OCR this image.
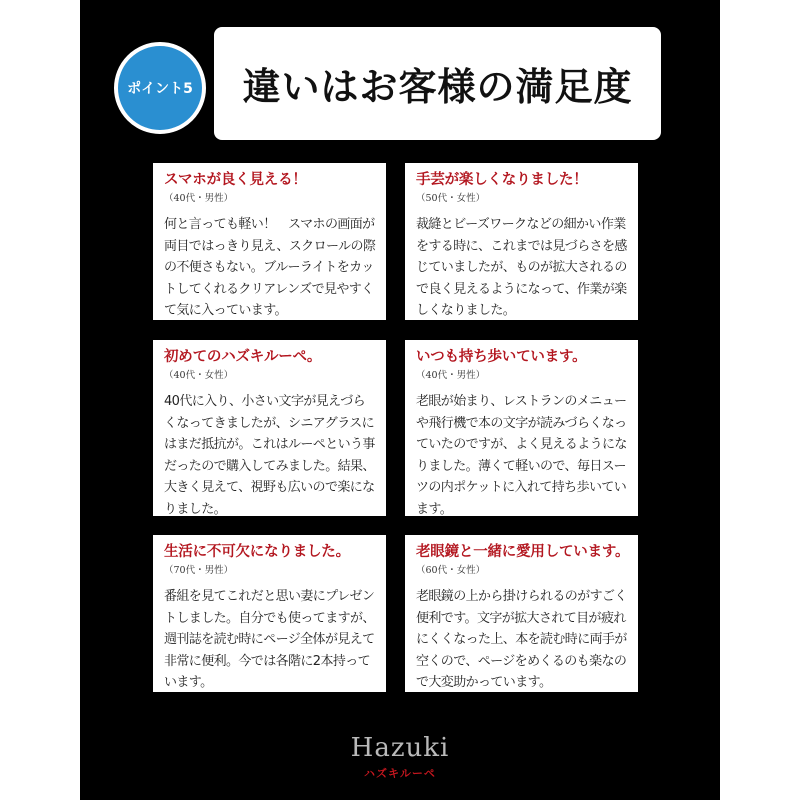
ポイント5 違いはお客様の満足度
スマホが良く見える！
（40代・男性）
何と言っても軽い！　スマホの画面が両目ではっきり見え、スクロールの際の不便さもない。ブルーライトをカットしてくれるクリアレンズで見やすくて気に入っています。
手芸が楽しくなりました！
（50代・女性）
裁縫とビーズワークなどの細かい作業をする時に、これまでは見づらさを感じていましたが、ものが拡大されるので良く見えるようになって、作業が楽しくなりました。
初めてのハズキルーペ。
（40代・女性）
40代に入り、小さい文字が見えづらくなってきましたが、シニアグラスにはまだ抵抗が。これはルーペという事だったので購入してみました。結果、大きく見えて、視野も広いので楽になりました。
いつも持ち歩いています。
（40代・男性）
老眼が始まり、レストランのメニューや飛行機で本の文字が読みづらくなっていたのですが、よく見えるようになりました。薄くて軽いので、毎日スーツの内ポケットに入れて持ち歩いています。
生活に不可欠になりました。
（70代・男性）
番組を見てこれだと思い妻にプレゼントしました。自分でも使ってますが、週刊誌を読む時にページ全体が見えて非常に便利。今では各階に2本持っています。
老眼鏡と一緒に愛用しています。
（60代・女性）
老眼鏡の上から掛けられるのがすごく便利です。文字が拡大されて目が疲れにくくなった上、本を読む時に両手が空くので、ページをめくるのも楽なので大変助かっています。
Hazuki
ハズキルーペ
